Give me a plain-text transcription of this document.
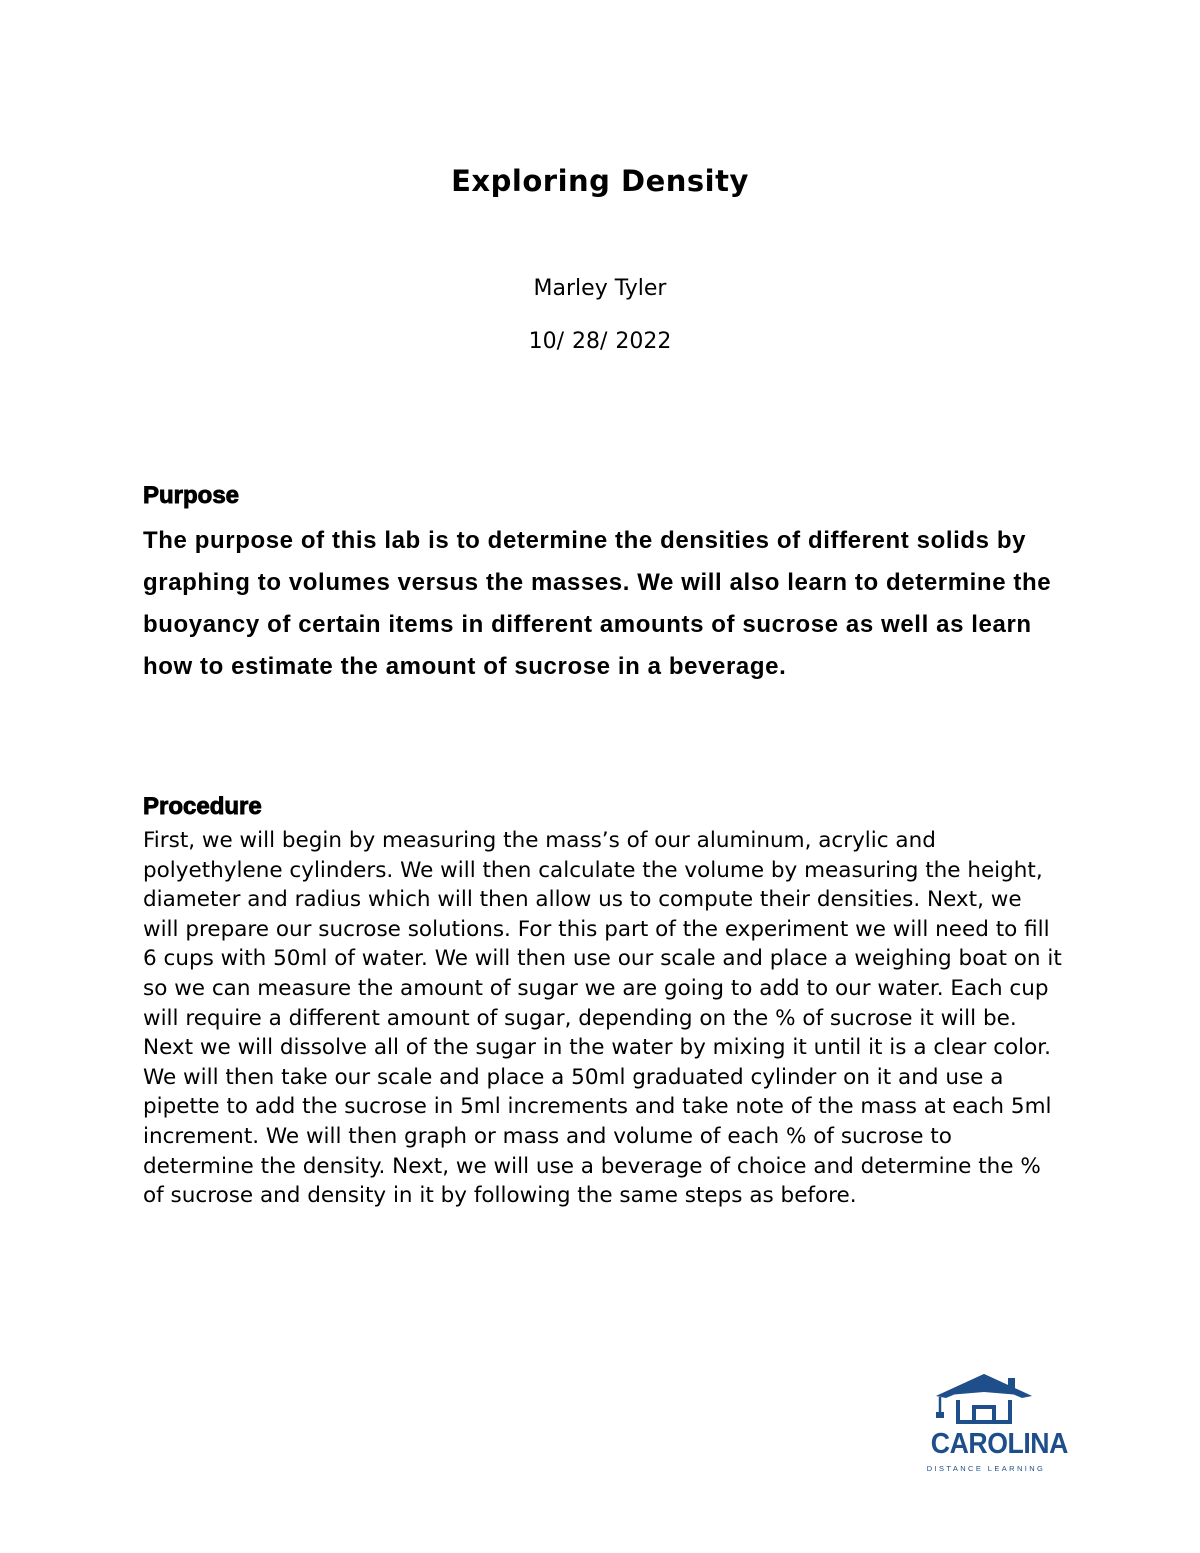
Exploring Density

Marley Tyler

10/ 28/ 2022

Purpose

The purpose of this lab is to determine the densities of different solids by graphing to volumes versus the masses. We will also learn to determine the buoyancy of certain items in different amounts of sucrose as well as learn how to estimate the amount of sucrose in a beverage.

Procedure

First, we will begin by measuring the mass’s of our aluminum, acrylic and polyethylene cylinders. We will then calculate the volume by measuring the height, diameter and radius which will then allow us to compute their densities. Next, we will prepare our sucrose solutions. For this part of the experiment we will need to fill 6 cups with 50ml of water. We will then use our scale and place a weighing boat on it so we can measure the amount of sugar we are going to add to our water. Each cup will require a different amount of sugar, depending on the % of sucrose it will be. Next we will dissolve all of the sugar in the water by mixing it until it is a clear color. We will then take our scale and place a 50ml graduated cylinder on it and use a pipette to add the sucrose in 5ml increments and take note of the mass at each 5ml increment. We will then graph or mass and volume of each % of sucrose to determine the density. Next, we will use a beverage of choice and determine the % of sucrose and density in it by following the same steps as before.

CAROLINA

DISTANCE LEARNING
